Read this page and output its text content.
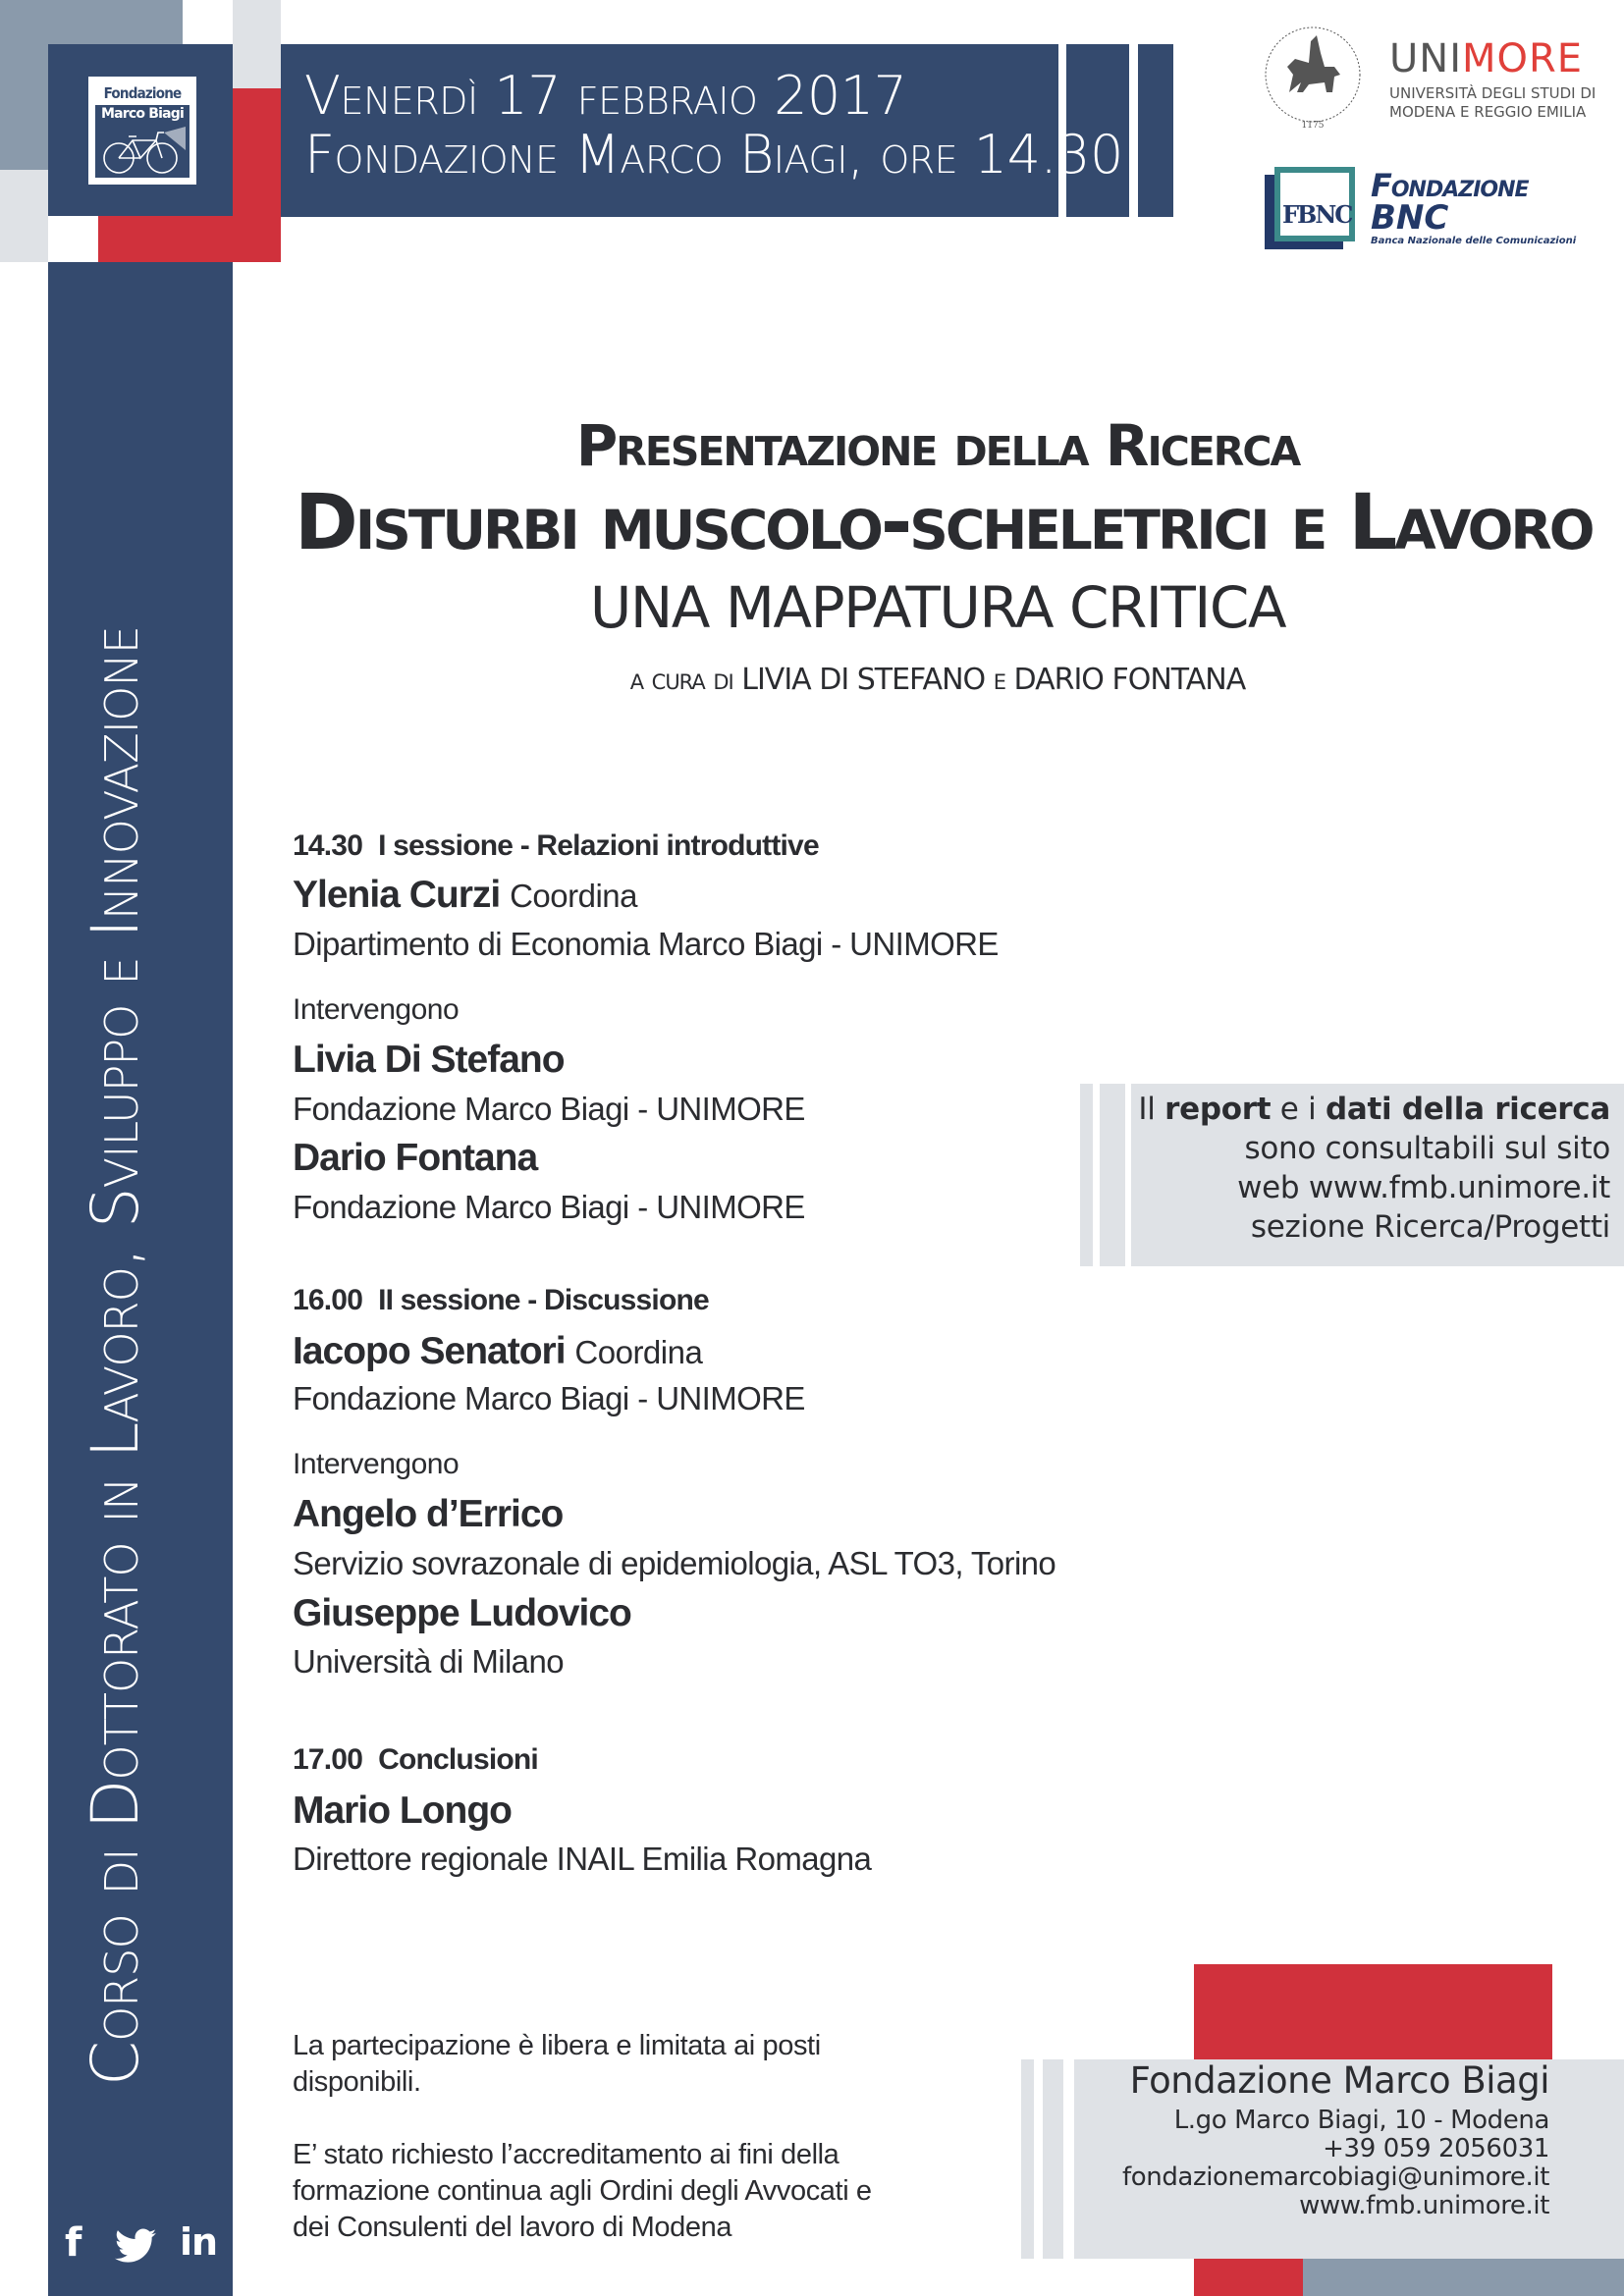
Fondazione
Marco Biagi
Corso di Dottorato in Lavoro, Sviluppo e Innovazione
f	in
Venerdì 17 febbraio 2017
Fondazione Marco Biagi, ore 14.30	1175
UNIMORE
UNIVERSITÀ DEGLI STUDI DI
MODENA E REGGIO EMILIA
FBNC
Fondazione
BNC
Banca Nazionale delle Comunicazioni
Presentazione della Ricerca
Disturbi muscolo-scheletrici e Lavoro
UNA MAPPATURA CRITICA
a cura di LIVIA DI STEFANO e DARIO FONTANA
14.30 I sessione - Relazioni introduttive
Ylenia Curzi Coordina
Dipartimento di Economia Marco Biagi - UNIMORE
Intervengono
Livia Di Stefano
Fondazione Marco Biagi - UNIMORE
Dario Fontana
Fondazione Marco Biagi - UNIMORE
16.00 II sessione - Discussione
Iacopo Senatori Coordina
Fondazione Marco Biagi - UNIMORE
Intervengono
Angelo d’Errico
Servizio sovrazonale di epidemiologia, ASL TO3, Torino
Giuseppe Ludovico
Università di Milano
17.00 Conclusioni
Mario Longo
Direttore regionale INAIL Emilia Romagna
Il report e i dati della ricerca
sono consultabili sul sito
web www.fmb.unimore.it
sezione Ricerca/Progetti
La partecipazione è libera e limitata ai posti
disponibili.
E’ stato richiesto l’accreditamento ai fini della
formazione continua agli Ordini degli Avvocati e
dei Consulenti del lavoro di Modena
Fondazione Marco Biagi
L.go Marco Biagi, 10 - Modena
+39 059 2056031
fondazionemarcobiagi@unimore.it
www.fmb.unimore.it
